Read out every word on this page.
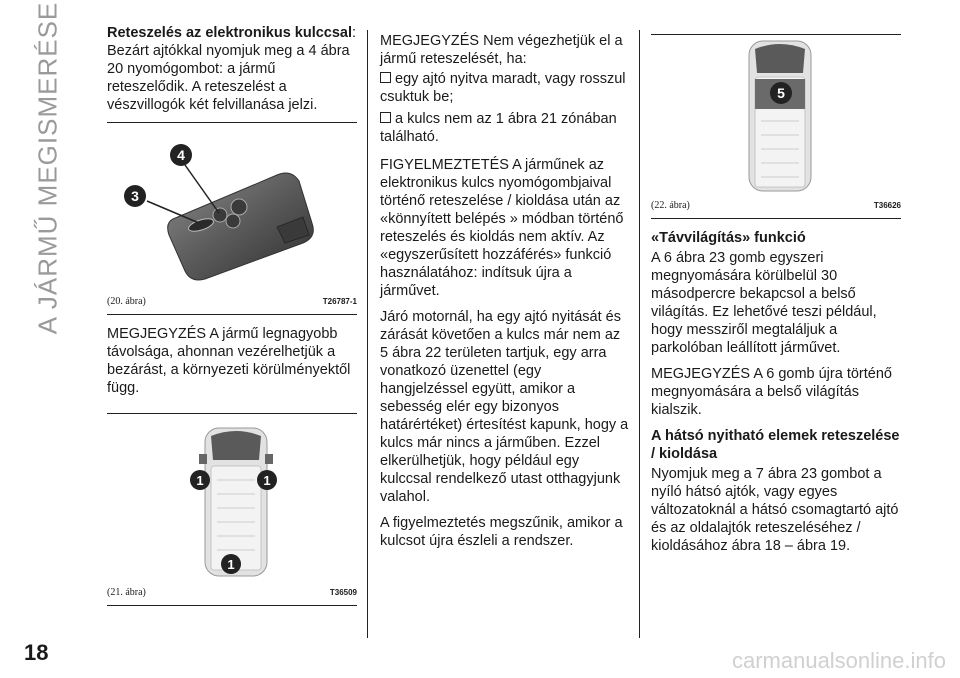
A JÁRMŰ MEGISMERÉSE	Reteszelés az elektronikus kulccsal: Bezárt ajtókkal nyomjuk meg a 4 ábra 20 nyomógombot: a jármű reteszelődik. A reteszelést a vészvillogók két felvillanása jelzi.

3
4
(20. ábra)	T26787-1

MEGJEGYZÉS A jármű legnagyobb távolsága, ahonnan vezérelhetjük a bezárást, a környezeti körülményektől függ.

1	1
1
(21. ábra)	T36509

MEGJEGYZÉS Nem végezhetjük el a jármű reteszelését, ha:

egy ajtó nyitva maradt, vagy rosszul csuktuk be;

a kulcs nem az 1 ábra 21 zónában található.

FIGYELMEZTETÉS A járműnek az elektronikus kulcs nyomógombjaival történő reteszelése / kioldása után az «könnyített belépés » módban történő reteszelés és kioldás nem aktív. Az «egyszerűsített hozzáférés» funkció használatához: indítsuk újra a járművet.

Járó motornál, ha egy ajtó nyitását és zárását követően a kulcs már nem az 5 ábra 22 területen tartjuk, egy arra vonatkozó üzenettel (egy hangjelzéssel együtt, amikor a sebesség elér egy bizonyos határértéket) értesítést kapunk, hogy a kulcs már nincs a járműben. Ezzel elkerülhetjük, hogy például egy kulccsal rendelkező utast otthagyjunk valahol.

A figyelmeztetés megszűnik, amikor a kulcsot újra észleli a rendszer.

5
(22. ábra)	T36626

«Távvilágítás» funkció

A 6 ábra 23 gomb egyszeri megnyomására körülbelül 30 másodpercre bekapcsol a belső világítás. Ez lehetővé teszi például, hogy messziről megtaláljuk a parkolóban leállított járművet.

MEGJEGYZÉS A 6 gomb újra történő megnyomására a belső világítás kialszik.

A hátsó nyitható elemek reteszelése / kioldása

Nyomjuk meg a 7 ábra 23 gombot a nyíló hátsó ajtók, vagy egyes változatoknál a hátsó csomagtartó ajtó és az oldalajtók reteszeléséhez / kioldásához ábra 18 – ábra 19.

18	carmanualsonline.info
